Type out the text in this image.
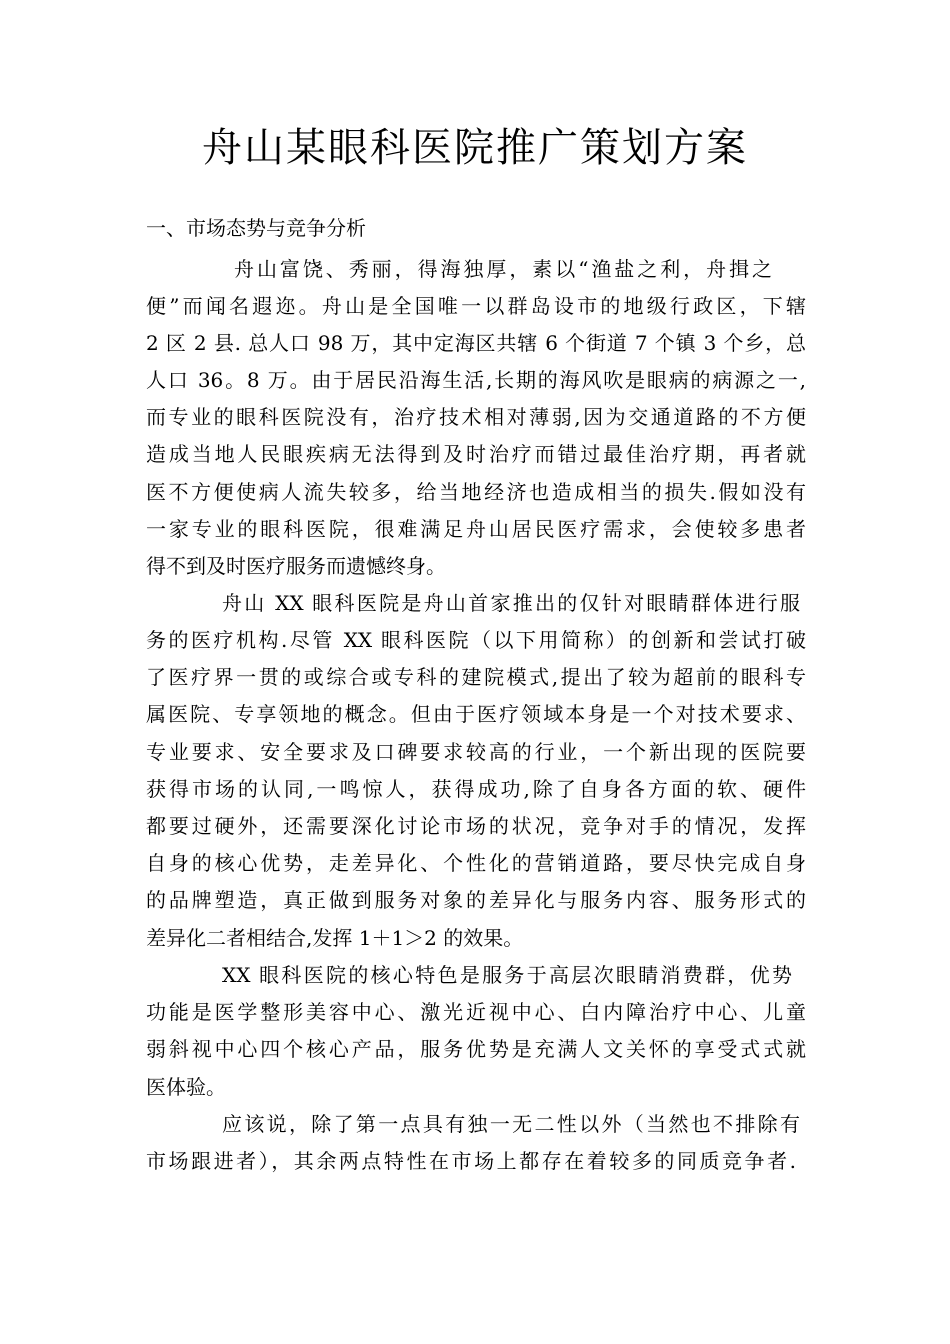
舟山某眼科医院推广策划方案
一、市场态势与竞争分析
舟山富饶、秀丽，得海独厚，素以“渔盐之利，舟揖之
便”而闻名遐迩。舟山是全国唯一以群岛设市的地级行政区，下辖
2 区 2 县. 总人口 98 万，其中定海区共辖 6 个街道 7 个镇 3 个乡，总
人口 36。8 万。由于居民沿海生活,长期的海风吹是眼病的病源之一,
而专业的眼科医院没有，治疗技术相对薄弱,因为交通道路的不方便
造成当地人民眼疾病无法得到及时治疗而错过最佳治疗期，再者就
医不方便使病人流失较多，给当地经济也造成相当的损失.假如没有
一家专业的眼科医院，很难满足舟山居民医疗需求，会使较多患者
得不到及时医疗服务而遗憾终身。
舟山 XX 眼科医院是舟山首家推出的仅针对眼睛群体进行服
务的医疗机构.尽管 XX 眼科医院（以下用简称）的创新和尝试打破
了医疗界一贯的或综合或专科的建院模式,提出了较为超前的眼科专
属医院、专享领地的概念。但由于医疗领域本身是一个对技术要求、
专业要求、安全要求及口碑要求较高的行业，一个新出现的医院要
获得市场的认同,一鸣惊人，获得成功,除了自身各方面的软、硬件
都要过硬外，还需要深化讨论市场的状况，竞争对手的情况，发挥
自身的核心优势，走差异化、个性化的营销道路，要尽快完成自身
的品牌塑造，真正做到服务对象的差异化与服务内容、服务形式的
差异化二者相结合,发挥 1＋1＞2 的效果。
XX 眼科医院的核心特色是服务于高层次眼睛消费群，优势
功能是医学整形美容中心、激光近视中心、白内障治疗中心、儿童
弱斜视中心四个核心产品，服务优势是充满人文关怀的享受式式就
医体验。
应该说，除了第一点具有独一无二性以外（当然也不排除有
市场跟进者），其余两点特性在市场上都存在着较多的同质竞争者.
